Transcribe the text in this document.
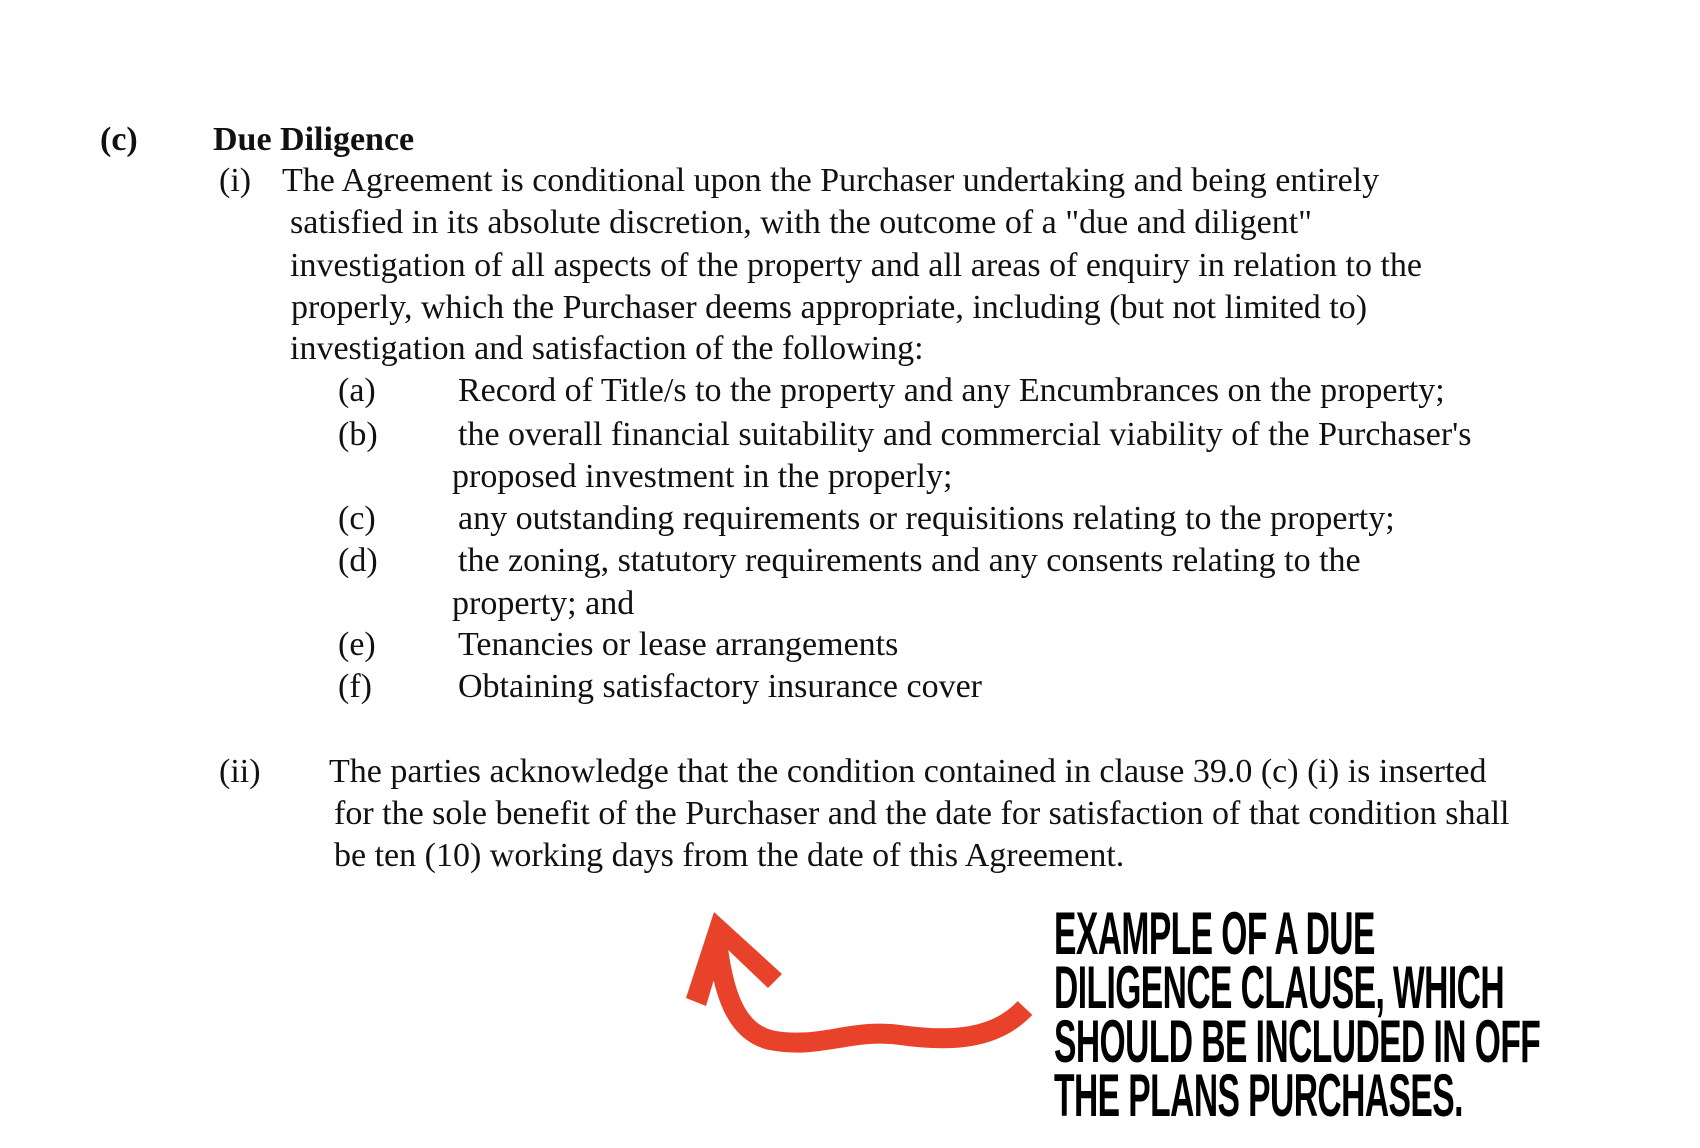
(c) Due Diligence
(i) The Agreement is conditional upon the Purchaser undertaking and being entirely
satisfied in its absolute discretion, with the outcome of a "due and diligent"
investigation of all aspects of the property and all areas of enquiry in relation to the
properly, which the Purchaser deems appropriate, including (but not limited to)
investigation and satisfaction of the following:
(a) Record of Title/s to the property and any Encumbrances on the property;
(b) the overall financial suitability and commercial viability of the Purchaser's
proposed investment in the properly;
(c) any outstanding requirements or requisitions relating to the property;
(d) the zoning, statutory requirements and any consents relating to the
property; and
(e) Tenancies or lease arrangements
(f)	Obtaining satisfactory insurance cover
(ii) The parties acknowledge that the condition contained in clause 39.0 (c) (i) is inserted
for the sole benefit of the Purchaser and the date for satisfaction of that condition shall
be ten (10) working days from the date of this Agreement.
EXAMPLE OF A DUE
DILIGENCE CLAUSE, WHICH
SHOULD BE INCLUDED IN OFF
THE PLANS PURCHASES.
